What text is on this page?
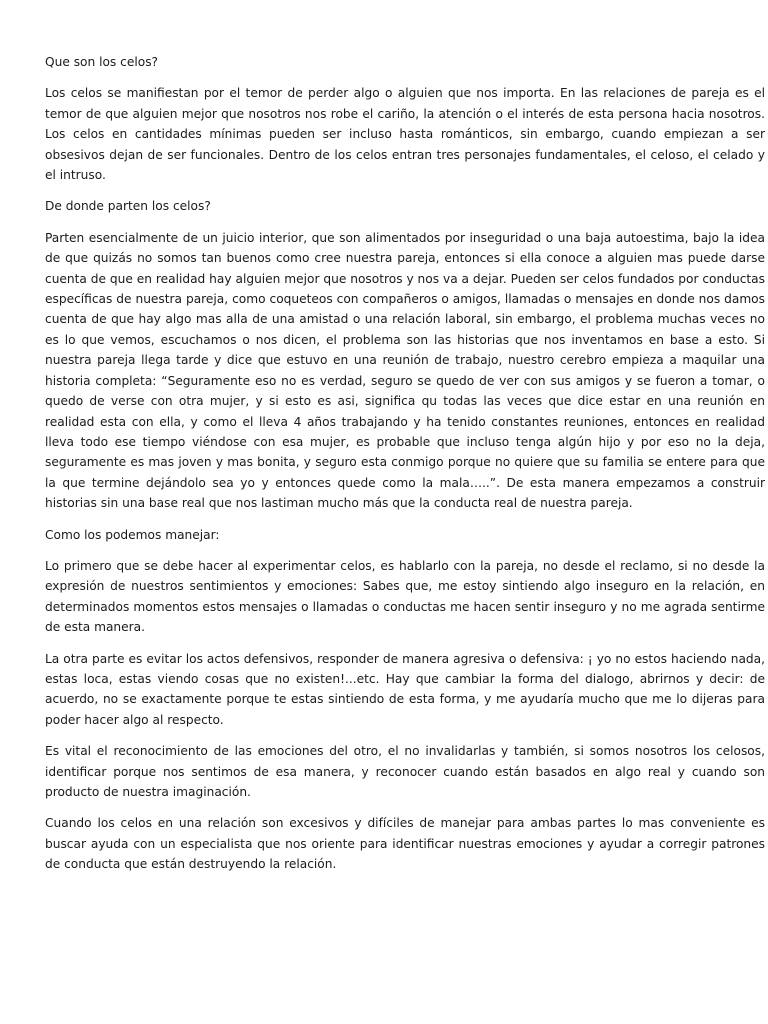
Que son los celos?

Los celos se manifiestan por el temor de perder algo o alguien que nos importa. En las relaciones de pareja es el temor de que alguien mejor que nosotros nos robe el cariño, la atención o el interés de esta persona hacia nosotros. Los celos en cantidades mínimas pueden ser incluso hasta románticos, sin embargo, cuando empiezan a ser obsesivos dejan de ser funcionales. Dentro de los celos entran tres personajes fundamentales, el celoso, el celado y el intruso.

De donde parten los celos?

Parten esencialmente de un juicio interior, que son alimentados por inseguridad o una baja autoestima, bajo la idea de que quizás no somos tan buenos como cree nuestra pareja, entonces si ella conoce a alguien mas puede darse cuenta de que en realidad hay alguien mejor que nosotros y nos va a dejar. Pueden ser celos fundados por conductas específicas de nuestra pareja, como coqueteos con compañeros o amigos, llamadas o mensajes en donde nos damos cuenta de que hay algo mas alla de una amistad o una relación laboral, sin embargo, el problema muchas veces no es lo que vemos, escuchamos o nos dicen, el problema son las historias que nos inventamos en base a esto. Si nuestra pareja llega tarde y dice que estuvo en una reunión de trabajo, nuestro cerebro empieza a maquilar una historia completa: “Seguramente eso no es verdad, seguro se quedo de ver con sus amigos y se fueron a tomar, o quedo de verse con otra mujer, y si esto es asi, significa qu todas las veces que dice estar en una reunión en realidad esta con ella, y como el lleva 4 años trabajando y ha tenido constantes reuniones, entonces en realidad lleva todo ese tiempo viéndose con esa mujer, es probable que incluso tenga algún hijo y por eso no la deja, seguramente es mas joven y mas bonita, y seguro esta conmigo porque no quiere que su familia se entere para que la que termine dejándolo sea yo y entonces quede como la mala…..”. De esta manera empezamos a construir historias sin una base real que nos lastiman mucho más que la conducta real de nuestra pareja.

Como los podemos manejar:

Lo primero que se debe hacer al experimentar celos, es hablarlo con la pareja, no desde el reclamo, si no desde la expresión de nuestros sentimientos y emociones: Sabes que, me estoy sintiendo algo inseguro en la relación, en determinados momentos estos mensajes o llamadas o conductas me hacen sentir inseguro y no me agrada sentirme de esta manera.

La otra parte es evitar los actos defensivos, responder de manera agresiva o defensiva: ¡ yo no estos haciendo nada, estas loca, estas viendo cosas que no existen!...etc. Hay que cambiar la forma del dialogo, abrirnos y decir: de acuerdo, no se exactamente porque te estas sintiendo de esta forma, y me ayudaría mucho que me lo dijeras para poder hacer algo al respecto.

Es vital el reconocimiento de las emociones del otro, el no invalidarlas y también, si somos nosotros los celosos, identificar porque nos sentimos de esa manera, y reconocer cuando están basados en algo real y cuando son producto de nuestra imaginación.

Cuando los celos en una relación son excesivos y difíciles de manejar para ambas partes lo mas conveniente es buscar ayuda con un especialista que nos oriente para identificar nuestras emociones y ayudar a corregir patrones de conducta que están destruyendo la relación.
